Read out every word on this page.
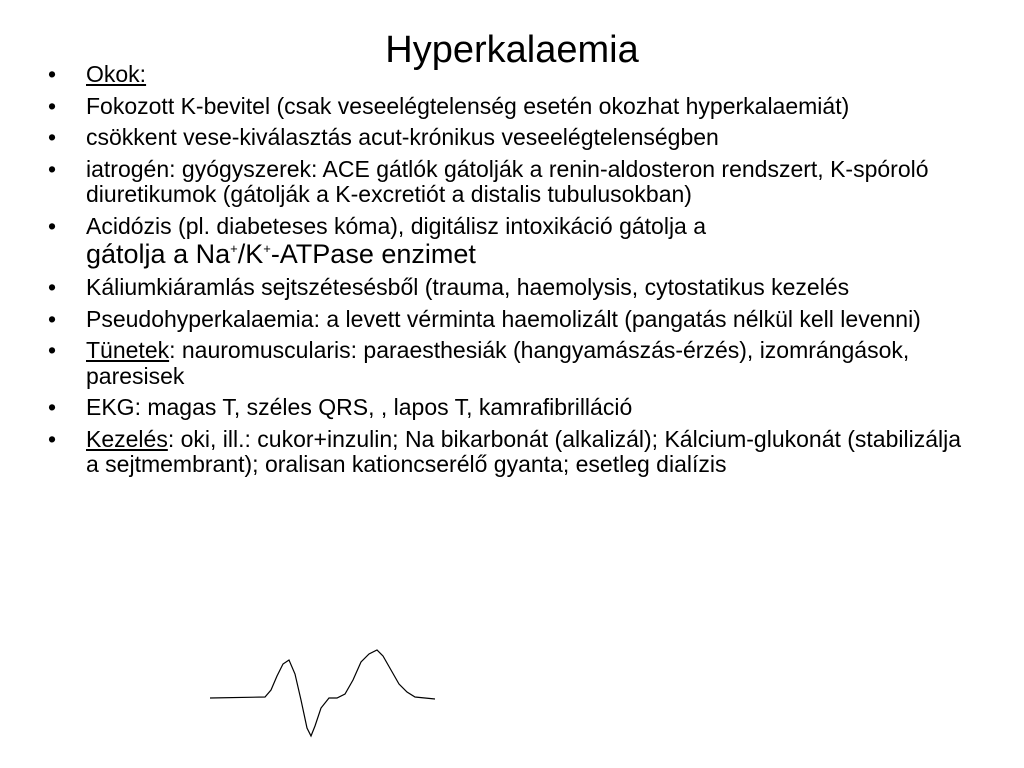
Hyperkalaemia
• Okok:
• Fokozott K-bevitel (csak veseelégtelenség esetén okozhat hyperkalaemiát)
• csökkent vese-kiválasztás acut-krónikus veseelégtelenségben
• iatrogén: gyógyszerek: ACE gátlók gátolják a renin-aldosteron rendszert, K-spóroló diuretikumok (gátolják a K-excretiót a distalis tubulusokban)
• Acidózis (pl. diabeteses kóma), digitálisz intoxikáció gátolja a
gátolja a Na+/K+-ATPase enzimet
• Káliumkiáramlás sejtszétesésből (trauma, haemolysis, cytostatikus kezelés
• Pseudohyperkalaemia: a levett vérminta haemolizált (pangatás nélkül kell levenni)
• Tünetek: nauromuscularis: paraesthesiák (hangyamászás-érzés), izomrángások, paresisek
• EKG: magas T, széles QRS, , lapos T, kamrafibrilláció
• Kezelés: oki, ill.: cukor+inzulin; Na bikarbonát (alkalizál); Kálcium-glukonát (stabilizálja a sejtmembrant); oralisan kationcserélő gyanta; esetleg dialízis
